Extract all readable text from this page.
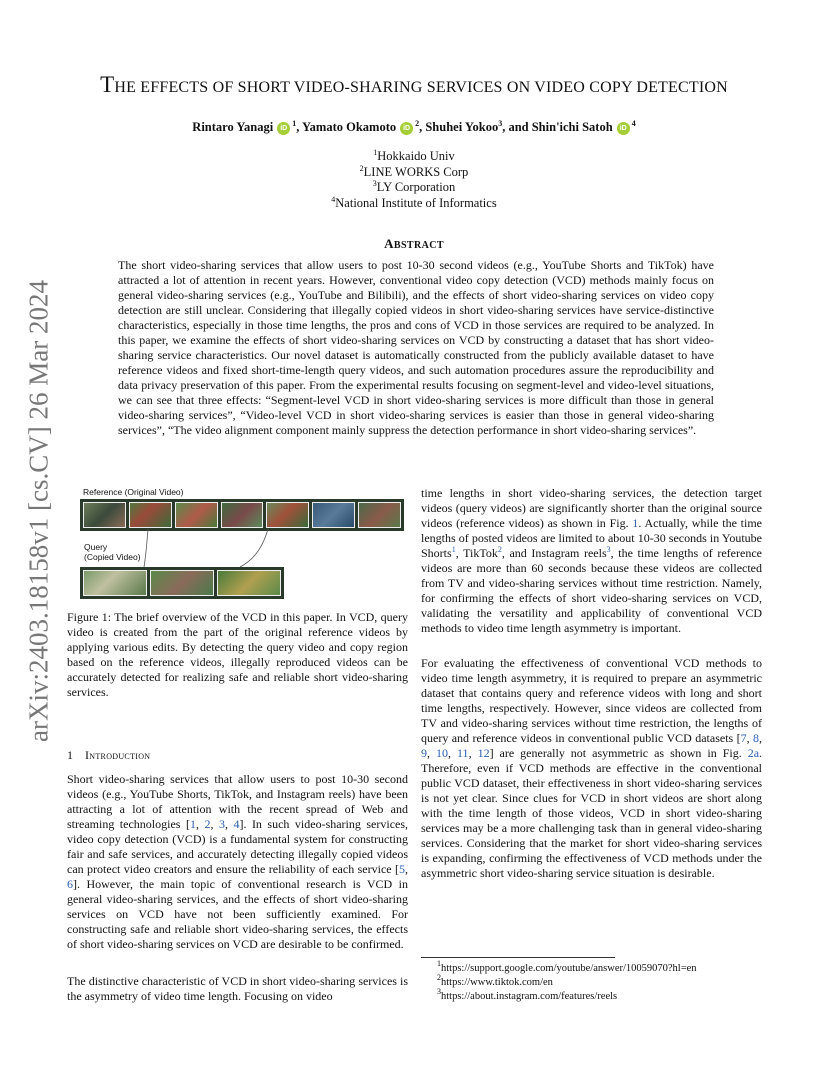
arXiv:2403.18158v1 [cs.CV] 26 Mar 2024
THE EFFECTS OF SHORT VIDEO-SHARING SERVICES ON VIDEO COPY DETECTION
Rintaro Yanagi $iD^1$, Yamato Okamoto $iD^2$, Shuhei Yokoo$^3$, and Shin'ichi Satoh $iD^4$
$^1$Hokkaido Univ
$^2$LINE WORKS Corp
$^3$LY Corporation
$^4$National Institute of Informatics
ABSTRACT
The short video-sharing services that allow users to post 10-30 second videos (e.g., YouTube Shorts and TikTok) have attracted a lot of attention in recent years. However, conventional video copy detection (VCD) methods mainly focus on general video-sharing services (e.g., YouTube and Bilibili), and the effects of short video-sharing services on video copy detection are still unclear. Considering that illegally copied videos in short video-sharing services have service-distinctive characteristics, especially in those time lengths, the pros and cons of VCD in those services are required to be analyzed. In this paper, we examine the effects of short video-sharing services on VCD by constructing a dataset that has short video-sharing service characteristics. Our novel dataset is automatically constructed from the publicly available dataset to have reference videos and fixed short-time-length query videos, and such automation procedures assure the reproducibility and data privacy preservation of this paper. From the experimental results focusing on segment-level and video-level situations, we can see that three effects: “Segment-level VCD in short video-sharing services is more difficult than those in general video-sharing services”, “Video-level VCD in short video-sharing services is easier than those in general video-sharing services”, “The video alignment component mainly suppress the detection performance in short video-sharing services”.
Reference (Original Video)
Query
(Copied Video)
Figure 1: The brief overview of the VCD in this paper. In VCD, query video is created from the part of the original reference videos by applying various edits. By detecting the query video and copy region based on the reference videos, illegally reproduced videos can be accurately detected for realizing safe and reliable short video-sharing services.
1 Introduction
Short video-sharing services that allow users to post 10-30 second videos (e.g., YouTube Shorts, TikTok, and Instagram reels) have been attracting a lot of attention with the recent spread of Web and streaming technologies [1, 2, 3, 4]. In such video-sharing services, video copy detection (VCD) is a fundamental system for constructing fair and safe services, and accurately detecting illegally copied videos can protect video creators and ensure the reliability of each service [5, 6]. However, the main topic of conventional research is VCD in general video-sharing services, and the effects of short video-sharing services on VCD have not been sufficiently examined. For constructing safe and reliable short video-sharing services, the effects of short video-sharing services on VCD are desirable to be confirmed.
The distinctive characteristic of VCD in short video-sharing services is the asymmetry of video time length. Focusing on video
time lengths in short video-sharing services, the detection target videos (query videos) are significantly shorter than the original source videos (reference videos) as shown in Fig. 1. Actually, while the time lengths of posted videos are limited to about 10-30 seconds in Youtube Shorts$^1$, TikTok$^2$, and Instagram reels$^3$, the time lengths of reference videos are more than 60 seconds because these videos are collected from TV and video-sharing services without time restriction. Namely, for confirming the effects of short video-sharing services on VCD, validating the versatility and applicability of conventional VCD methods to video time length asymmetry is important.
For evaluating the effectiveness of conventional VCD methods to video time length asymmetry, it is required to prepare an asymmetric dataset that contains query and reference videos with long and short time lengths, respectively. However, since videos are collected from TV and video-sharing services without time restriction, the lengths of query and reference videos in conventional public VCD datasets [7, 8, 9, 10, 11, 12] are generally not asymmetric as shown in Fig. 2a. Therefore, even if VCD methods are effective in the conventional public VCD dataset, their effectiveness in short video-sharing services is not yet clear. Since clues for VCD in short videos are short along with the time length of those videos, VCD in short video-sharing services may be a more challenging task than in general video-sharing services. Considering that the market for short video-sharing services is expanding, confirming the effectiveness of VCD methods under the asymmetric short video-sharing service situation is desirable.
$^1$https://support.google.com/youtube/answer/10059070?hl=en
$^2$https://www.tiktok.com/en
$^3$https://about.instagram.com/features/reels
